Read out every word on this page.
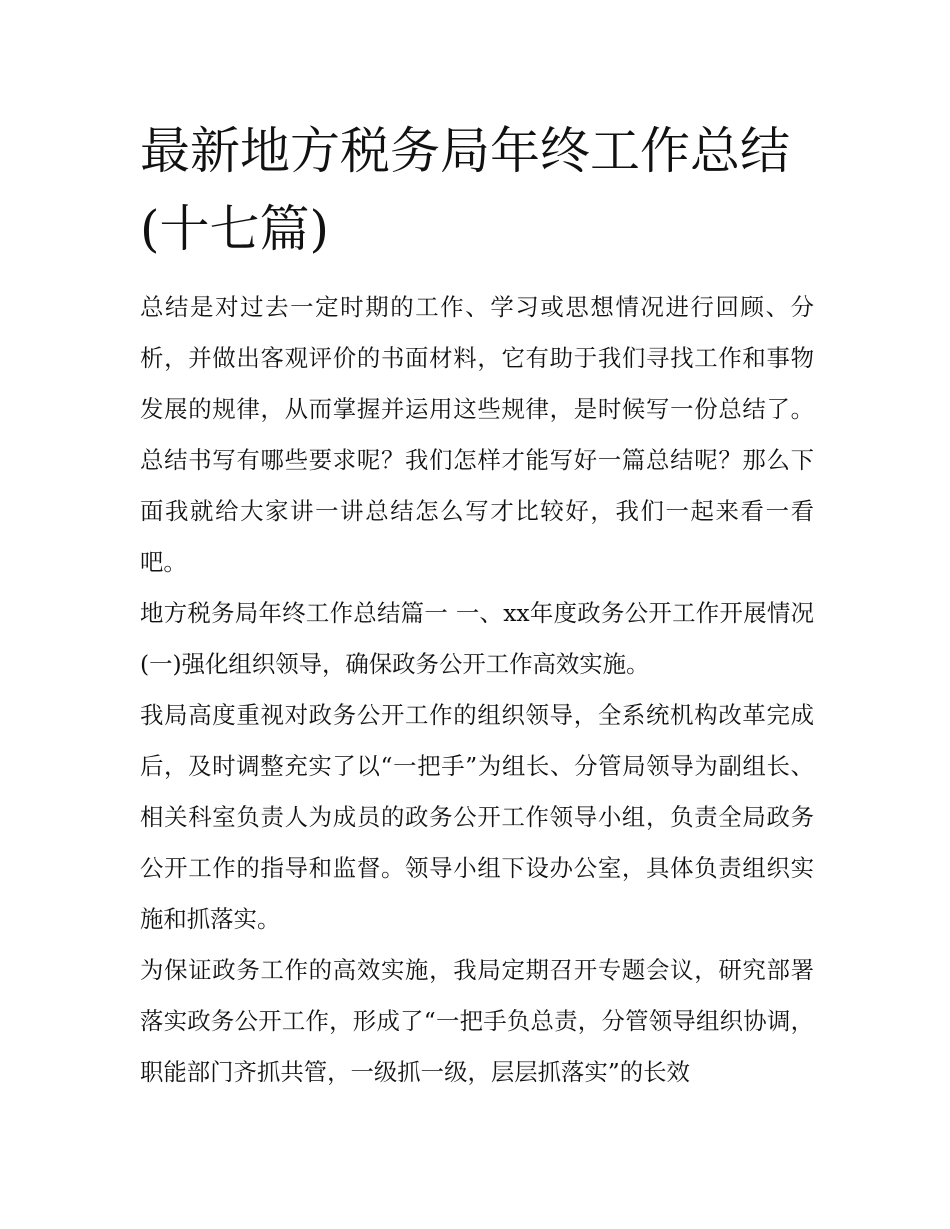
最新地方税务局年终工作总结(十七篇)

总结是对过去一定时期的工作、学习或思想情况进行回顾、分析，并做出客观评价的书面材料，它有助于我们寻找工作和事物发展的规律，从而掌握并运用这些规律，是时候写一份总结了。总结书写有哪些要求呢？我们怎样才能写好一篇总结呢？那么下面我就给大家讲一讲总结怎么写才比较好，我们一起来看一看吧。

地方税务局年终工作总结篇一 一、xx年度政务公开工作开展情况 (一)强化组织领导，确保政务公开工作高效实施。

我局高度重视对政务公开工作的组织领导，全系统机构改革完成后，及时调整充实了以“一把手”为组长、分管局领导为副组长、相关科室负责人为成员的政务公开工作领导小组，负责全局政务公开工作的指导和监督。领导小组下设办公室，具体负责组织实施和抓落实。

为保证政务工作的高效实施，我局定期召开专题会议，研究部署落实政务公开工作，形成了“一把手负总责，分管领导组织协调，职能部门齐抓共管，一级抓一级，层层抓落实”的长效
